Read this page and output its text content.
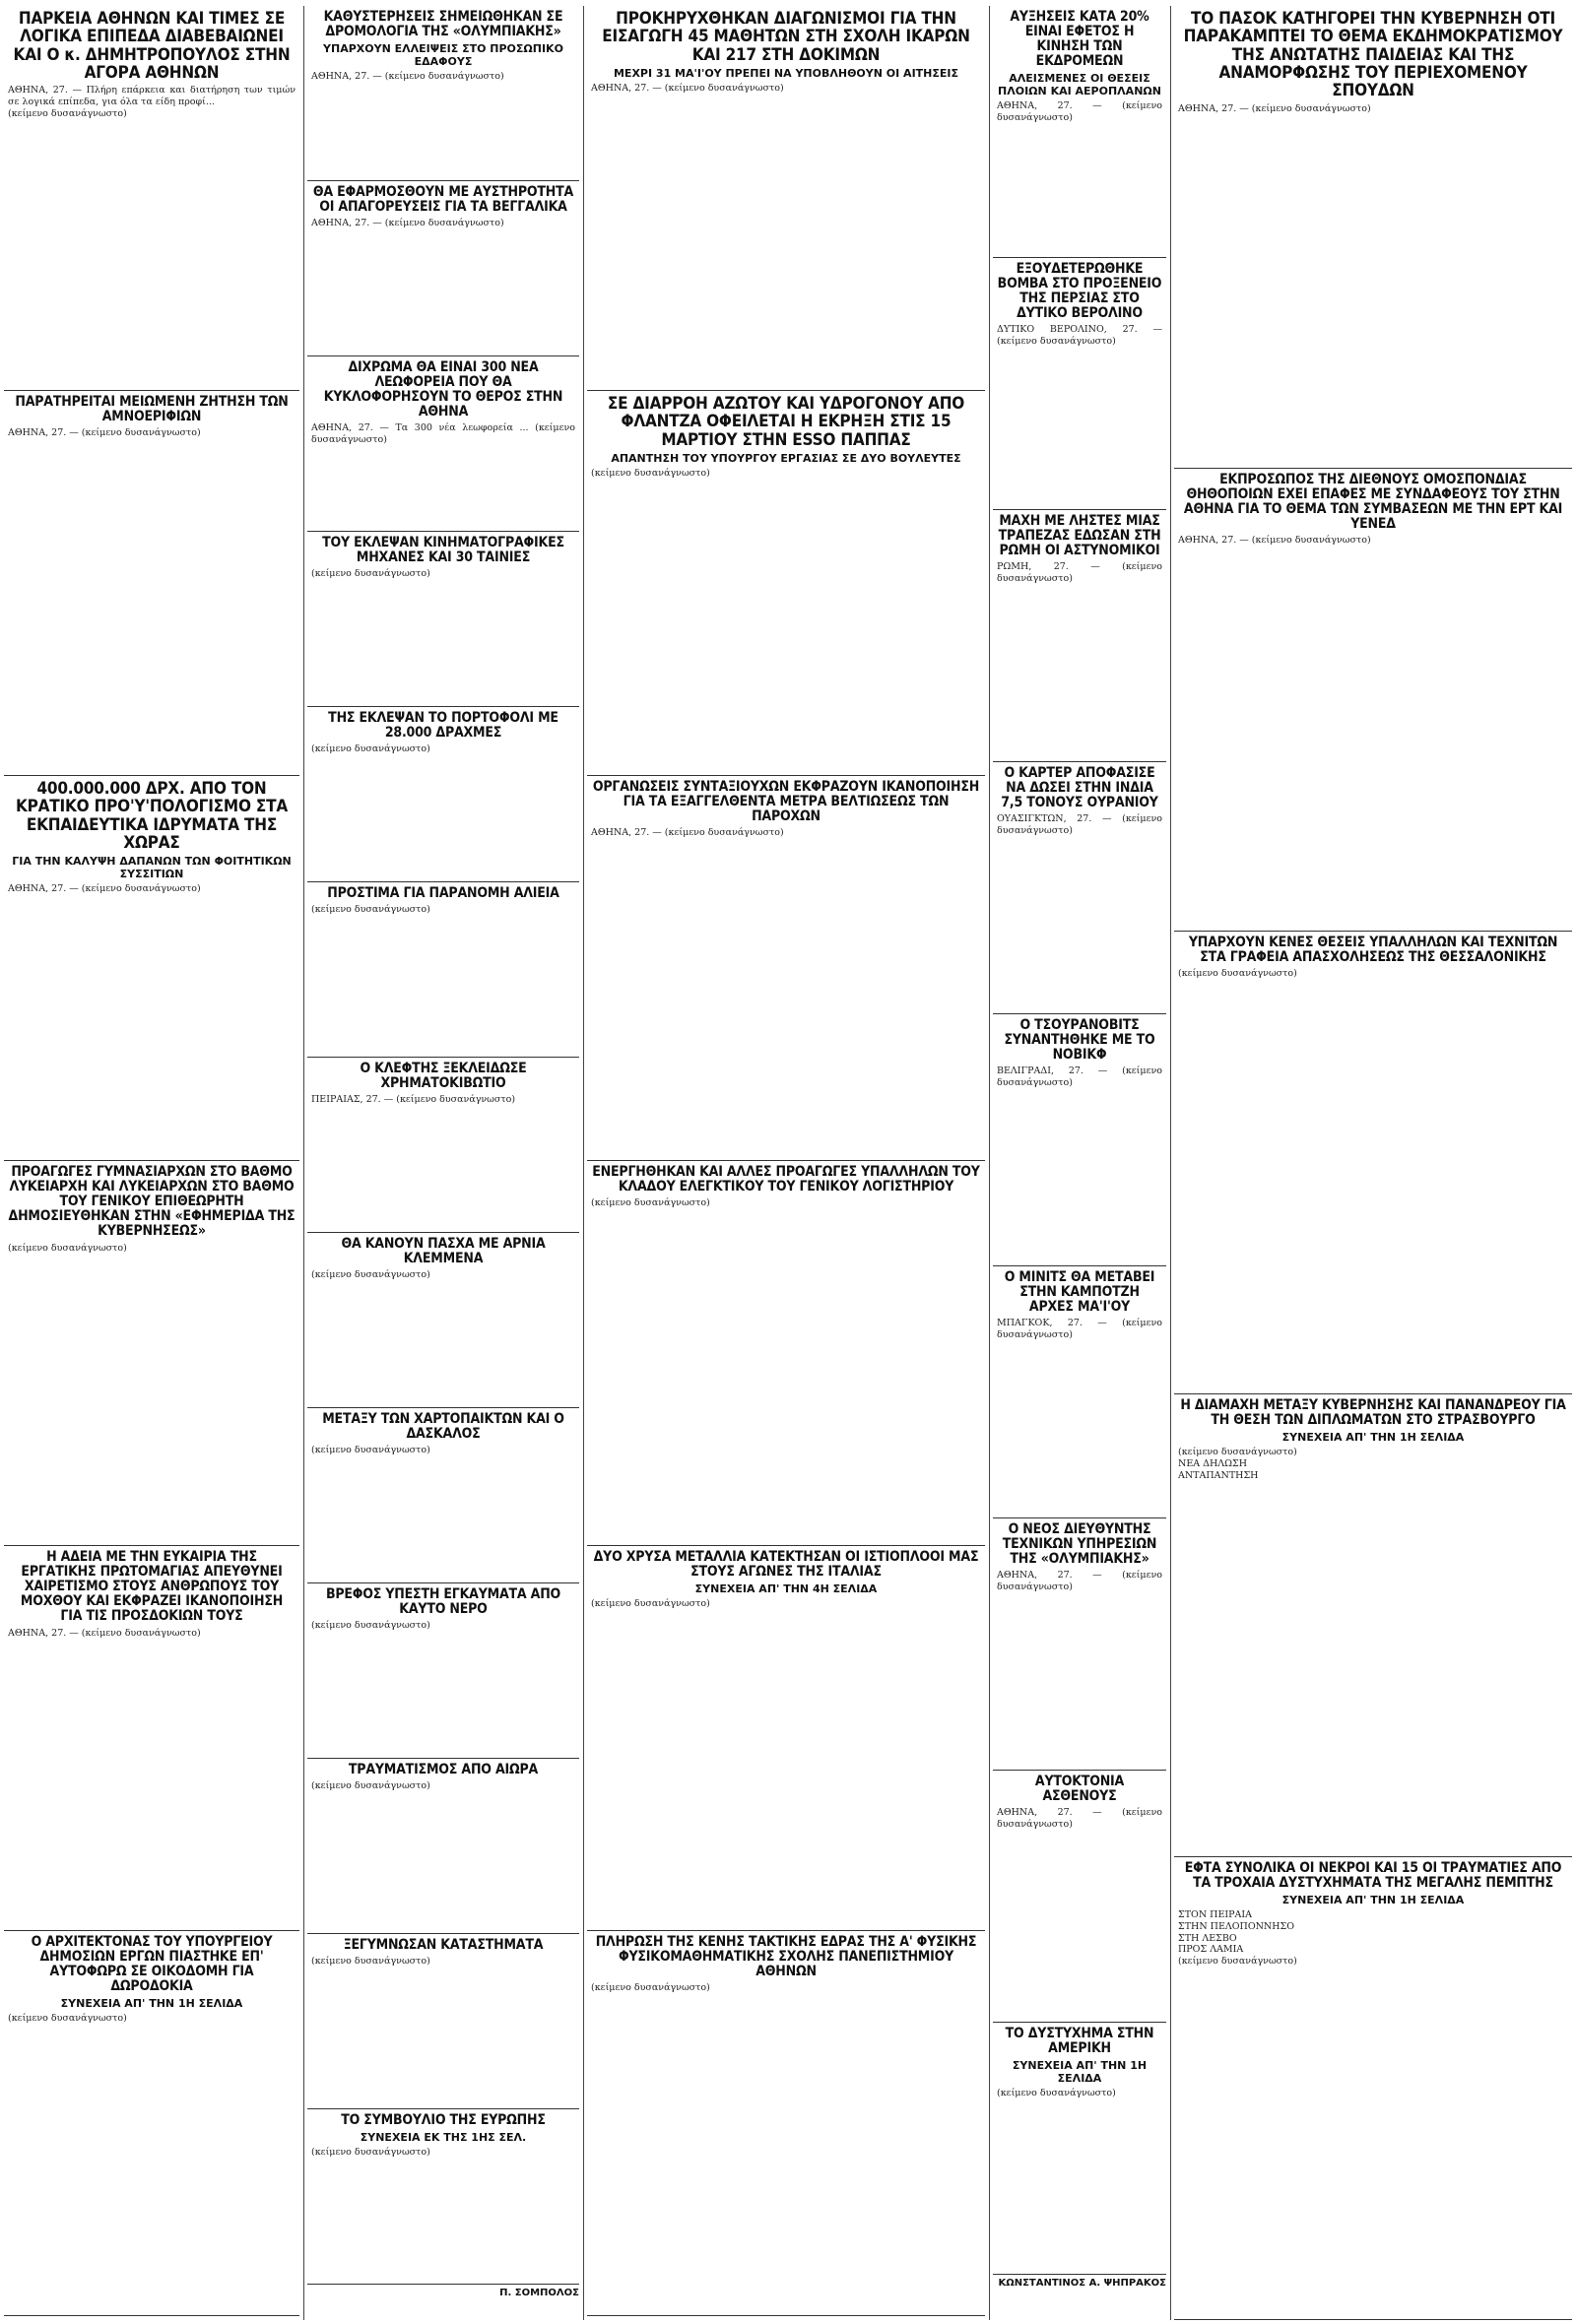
ΠΑΡΚΕΙΑ ΑΘΗΝΩΝ ΚΑΙ ΤΙΜΕΣ ΣΕ ΛΟΓΙΚΑ ΕΠΙΠΕΔΑ ΔΙΑΒΕΒΑΙΩΝΕΙ ΚΑΙ Ο κ. ΔΗΜΗΤΡΟΠΟΥΛΟΣ ΣΤΗΝ ΑΓΟΡΑ ΑΘΗΝΩΝ
ΑΘΗΝΑ, 27. — Πλήρη επάρκεια και διατήρηση των τιμών σε λογικά επίπεδα, για όλα τα είδη προφί...
(κείμενο δυσανάγνωστο)
ΠΑΡΑΤΗΡΕΙΤΑΙ ΜΕΙΩΜΕΝΗ ΖΗΤΗΣΗ ΤΩΝ ΑΜΝΟΕΡΙΦΙΩΝ
ΑΘΗΝΑ, 27. — (κείμενο δυσανάγνωστο)
400.000.000 ΔΡΧ. ΑΠΟ ΤΟΝ ΚΡΑΤΙΚΟ ΠΡΟ'Υ'ΠΟΛΟΓΙΣΜΟ ΣΤΑ ΕΚΠΑΙΔΕΥΤΙΚΑ ΙΔΡΥΜΑΤΑ ΤΗΣ ΧΩΡΑΣ
ΓΙΑ ΤΗΝ ΚΑΛΥΨΗ ΔΑΠΑΝΩΝ ΤΩΝ ΦΟΙΤΗΤΙΚΩΝ ΣΥΣΣΙΤΙΩΝ
ΑΘΗΝΑ, 27. — (κείμενο δυσανάγνωστο)
ΠΡΟΑΓΩΓΕΣ ΓΥΜΝΑΣΙΑΡΧΩΝ ΣΤΟ ΒΑΘΜΟ ΛΥΚΕΙΑΡΧΗ ΚΑΙ ΛΥΚΕΙΑΡΧΩΝ ΣΤΟ ΒΑΘΜΟ ΤΟΥ ΓΕΝΙΚΟΥ ΕΠΙΘΕΩΡΗΤΗ ΔΗΜΟΣΙΕΥΘΗΚΑΝ ΣΤΗΝ «ΕΦΗΜΕΡΙΔΑ ΤΗΣ ΚΥΒΕΡΝΗΣΕΩΣ»
(κείμενο δυσανάγνωστο)
Η ΑΔΕΙΑ ΜΕ ΤΗΝ ΕΥΚΑΙΡΙΑ ΤΗΣ ΕΡΓΑΤΙΚΗΣ ΠΡΩΤΟΜΑΓΙΑΣ ΑΠΕΥΘΥΝΕΙ ΧΑΙΡΕΤΙΣΜΟ ΣΤΟΥΣ ΑΝΘΡΩΠΟΥΣ ΤΟΥ ΜΟΧΘΟΥ ΚΑΙ ΕΚΦΡΑΖΕΙ ΙΚΑΝΟΠΟΙΗΣΗ ΓΙΑ ΤΙΣ ΠΡΟΣΔΟΚΙΩΝ ΤΟΥΣ
ΑΘΗΝΑ, 27. — (κείμενο δυσανάγνωστο)
Ο ΑΡΧΙΤΕΚΤΟΝΑΣ ΤΟΥ ΥΠΟΥΡΓΕΙΟΥ ΔΗΜΟΣΙΩΝ ΕΡΓΩΝ ΠΙΑΣΤΗΚΕ ΕΠ' ΑΥΤΟΦΩΡΩ ΣΕ ΟΙΚΟΔΟΜΗ ΓΙΑ ΔΩΡΟΔΟΚΙΑ
ΣΥΝΕΧΕΙΑ ΑΠ' ΤΗΝ 1Η ΣΕΛΙΔΑ
(κείμενο δυσανάγνωστο)
ΚΑΘΥΣΤΕΡΗΣΕΙΣ ΣΗΜΕΙΩΘΗΚΑΝ ΣΕ ΔΡΟΜΟΛΟΓΙΑ ΤΗΣ «ΟΛΥΜΠΙΑΚΗΣ»
ΥΠΑΡΧΟΥΝ ΕΛΛΕΙΨΕΙΣ ΣΤΟ ΠΡΟΣΩΠΙΚΟ ΕΔΑΦΟΥΣ
ΑΘΗΝΑ, 27. — (κείμενο δυσανάγνωστο)
ΘΑ ΕΦΑΡΜΟΣΘΟΥΝ ΜΕ ΑΥΣΤΗΡΟΤΗΤΑ ΟΙ ΑΠΑΓΟΡΕΥΣΕΙΣ ΓΙΑ ΤΑ ΒΕΓΓΑΛΙΚΑ
ΑΘΗΝΑ, 27. — (κείμενο δυσανάγνωστο)
ΔΙΧΡΩΜΑ ΘΑ ΕΙΝΑΙ 300 ΝΕΑ ΛΕΩΦΟΡΕΙΑ ΠΟΥ ΘΑ ΚΥΚΛΟΦΟΡΗΣΟΥΝ ΤΟ ΘΕΡΟΣ ΣΤΗΝ ΑΘΗΝΑ
ΑΘΗΝΑ, 27. — Τα 300 νέα λεωφορεία ... (κείμενο δυσανάγνωστο)
ΤΟΥ ΕΚΛΕΨΑΝ ΚΙΝΗΜΑΤΟΓΡΑΦΙΚΕΣ ΜΗΧΑΝΕΣ ΚΑΙ 30 ΤΑΙΝΙΕΣ
(κείμενο δυσανάγνωστο)
ΤΗΣ ΕΚΛΕΨΑΝ ΤΟ ΠΟΡΤΟΦΟΛΙ ΜΕ 28.000 ΔΡΑΧΜΕΣ
(κείμενο δυσανάγνωστο)
ΠΡΟΣΤΙΜΑ ΓΙΑ ΠΑΡΑΝΟΜΗ ΑΛΙΕΙΑ
(κείμενο δυσανάγνωστο)
Ο ΚΛΕΦΤΗΣ ΞΕΚΛΕΙΔΩΣΕ ΧΡΗΜΑΤΟΚΙΒΩΤΙΟ
ΠΕΙΡΑΙΑΣ, 27. — (κείμενο δυσανάγνωστο)
ΘΑ ΚΑΝΟΥΝ ΠΑΣΧΑ ΜΕ ΑΡΝΙΑ ΚΛΕΜΜΕΝΑ
(κείμενο δυσανάγνωστο)
ΜΕΤΑΞΥ ΤΩΝ ΧΑΡΤΟΠΑΙΚΤΩΝ ΚΑΙ Ο ΔΑΣΚΑΛΟΣ
(κείμενο δυσανάγνωστο)
ΒΡΕΦΟΣ ΥΠΕΣΤΗ ΕΓΚΑΥΜΑΤΑ ΑΠΟ ΚΑΥΤΟ ΝΕΡΟ
(κείμενο δυσανάγνωστο)
ΤΡΑΥΜΑΤΙΣΜΟΣ ΑΠΟ ΑΙΩΡΑ
(κείμενο δυσανάγνωστο)
ΞΕΓΥΜΝΩΣΑΝ ΚΑΤΑΣΤΗΜΑΤΑ
(κείμενο δυσανάγνωστο)
ΤΟ ΣΥΜΒΟΥΛΙΟ ΤΗΣ ΕΥΡΩΠΗΣ
ΣΥΝΕΧΕΙΑ ΕΚ ΤΗΣ 1ΗΣ ΣΕΛ.
(κείμενο δυσανάγνωστο)
Π. ΣΟΜΠΟΛΟΣ
ΠΡΟΚΗΡΥΧΘΗΚΑΝ ΔΙΑΓΩΝΙΣΜΟΙ ΓΙΑ ΤΗΝ ΕΙΣΑΓΩΓΗ 45 ΜΑΘΗΤΩΝ ΣΤΗ ΣΧΟΛΗ ΙΚΑΡΩΝ ΚΑΙ 217 ΣΤΗ ΔΟΚΙΜΩΝ
ΜΕΧΡΙ 31 ΜΑ'Ι'ΟΥ ΠΡΕΠΕΙ ΝΑ ΥΠΟΒΛΗΘΟΥΝ ΟΙ ΑΙΤΗΣΕΙΣ
ΑΘΗΝΑ, 27. — (κείμενο δυσανάγνωστο)
ΣΕ ΔΙΑΡΡΟΗ ΑΖΩΤΟΥ ΚΑΙ ΥΔΡΟΓΟΝΟΥ ΑΠΟ ΦΛΑΝΤΖΑ ΟΦΕΙΛΕΤΑΙ Η ΕΚΡΗΞΗ ΣΤΙΣ 15 ΜΑΡΤΙΟΥ ΣΤΗΝ ESSO ΠΑΠΠΑΣ
ΑΠΑΝΤΗΣΗ ΤΟΥ ΥΠΟΥΡΓΟΥ ΕΡΓΑΣΙΑΣ ΣΕ ΔΥΟ ΒΟΥΛΕΥΤΕΣ
(κείμενο δυσανάγνωστο)
ΟΡΓΑΝΩΣΕΙΣ ΣΥΝΤΑΞΙΟΥΧΩΝ ΕΚΦΡΑΖΟΥΝ ΙΚΑΝΟΠΟΙΗΣΗ ΓΙΑ ΤΑ ΕΞΑΓΓΕΛΘΕΝΤΑ ΜΕΤΡΑ ΒΕΛΤΙΩΣΕΩΣ ΤΩΝ ΠΑΡΟΧΩΝ
ΑΘΗΝΑ, 27. — (κείμενο δυσανάγνωστο)
ΕΝΕΡΓΗΘΗΚΑΝ ΚΑΙ ΑΛΛΕΣ ΠΡΟΑΓΩΓΕΣ ΥΠΑΛΛΗΛΩΝ ΤΟΥ ΚΛΑΔΟΥ ΕΛΕΓΚΤΙΚΟΥ ΤΟΥ ΓΕΝΙΚΟΥ ΛΟΓΙΣΤΗΡΙΟΥ
(κείμενο δυσανάγνωστο)
ΔΥΟ ΧΡΥΣΑ ΜΕΤΑΛΛΙΑ ΚΑΤΕΚΤΗΣΑΝ ΟΙ ΙΣΤΙΟΠΛΟΟΙ ΜΑΣ ΣΤΟΥΣ ΑΓΩΝΕΣ ΤΗΣ ΙΤΑΛΙΑΣ
ΣΥΝΕΧΕΙΑ ΑΠ' ΤΗΝ 4Η ΣΕΛΙΔΑ
(κείμενο δυσανάγνωστο)
ΠΛΗΡΩΣΗ ΤΗΣ ΚΕΝΗΣ ΤΑΚΤΙΚΗΣ ΕΔΡΑΣ ΤΗΣ Α' ΦΥΣΙΚΗΣ ΦΥΣΙΚΟΜΑΘΗΜΑΤΙΚΗΣ ΣΧΟΛΗΣ ΠΑΝΕΠΙΣΤΗΜΙΟΥ ΑΘΗΝΩΝ
(κείμενο δυσανάγνωστο)
ΑΥΞΗΣΕΙΣ ΚΑΤΑ 20% ΕΙΝΑΙ ΕΦΕΤΟΣ Η ΚΙΝΗΣΗ ΤΩΝ ΕΚΔΡΟΜΕΩΝ
ΑΛΕΙΣΜΕΝΕΣ ΟΙ ΘΕΣΕΙΣ ΠΛΟΙΩΝ ΚΑΙ ΑΕΡΟΠΛΑΝΩΝ
ΑΘΗΝΑ, 27. — (κείμενο δυσανάγνωστο)
ΕΞΟΥΔΕΤΕΡΩΘΗΚΕ ΒΟΜΒΑ ΣΤΟ ΠΡΟΞΕΝΕΙΟ ΤΗΣ ΠΕΡΣΙΑΣ ΣΤΟ ΔΥΤΙΚΟ ΒΕΡΟΛΙΝΟ
ΔΥΤΙΚΟ ΒΕΡΟΛΙΝΟ, 27. — (κείμενο δυσανάγνωστο)
ΜΑΧΗ ΜΕ ΛΗΣΤΕΣ ΜΙΑΣ ΤΡΑΠΕΖΑΣ ΕΔΩΣΑΝ ΣΤΗ ΡΩΜΗ ΟΙ ΑΣΤΥΝΟΜΙΚΟΙ
ΡΩΜΗ, 27. — (κείμενο δυσανάγνωστο)
Ο ΚΑΡΤΕΡ ΑΠΟΦΑΣΙΣΕ ΝΑ ΔΩΣΕΙ ΣΤΗΝ ΙΝΔΙΑ 7,5 ΤΟΝΟΥΣ ΟΥΡΑΝΙΟΥ
ΟΥΑΣΙΓΚΤΩΝ, 27. — (κείμενο δυσανάγνωστο)
Ο ΤΣΟΥΡΑΝΟΒΙΤΣ ΣΥΝΑΝΤΗΘΗΚΕ ΜΕ ΤΟ ΝΟΒΙΚΦ
ΒΕΛΙΓΡΑΔΙ, 27. — (κείμενο δυσανάγνωστο)
Ο ΜΙΝΙΤΣ ΘΑ ΜΕΤΑΒΕΙ ΣΤΗΝ ΚΑΜΠΟΤΖΗ ΑΡΧΕΣ ΜΑ'Ι'ΟΥ
ΜΠΑΓΚΟΚ, 27. — (κείμενο δυσανάγνωστο)
Ο ΝΕΟΣ ΔΙΕΥΘΥΝΤΗΣ ΤΕΧΝΙΚΩΝ ΥΠΗΡΕΣΙΩΝ ΤΗΣ «ΟΛΥΜΠΙΑΚΗΣ»
ΑΘΗΝΑ, 27. — (κείμενο δυσανάγνωστο)
ΑΥΤΟΚΤΟΝΙΑ ΑΣΘΕΝΟΥΣ
ΑΘΗΝΑ, 27. — (κείμενο δυσανάγνωστο)
ΤΟ ΔΥΣΤΥΧΗΜΑ ΣΤΗΝ ΑΜΕΡΙΚΗ
ΣΥΝΕΧΕΙΑ ΑΠ' ΤΗΝ 1Η ΣΕΛΙΔΑ
(κείμενο δυσανάγνωστο)
ΚΩΝΣΤΑΝΤΙΝΟΣ Α. ΨΗΠΡΑΚΟΣ
ΤΟ ΠΑΣΟΚ ΚΑΤΗΓΟΡΕΙ ΤΗΝ ΚΥΒΕΡΝΗΣΗ ΟΤΙ ΠΑΡΑΚΑΜΠΤΕΙ ΤΟ ΘΕΜΑ ΕΚΔΗΜΟΚΡΑΤΙΣΜΟΥ ΤΗΣ ΑΝΩΤΑΤΗΣ ΠΑΙΔΕΙΑΣ ΚΑΙ ΤΗΣ ΑΝΑΜΟΡΦΩΣΗΣ ΤΟΥ ΠΕΡΙΕΧΟΜΕΝΟΥ ΣΠΟΥΔΩΝ
ΑΘΗΝΑ, 27. — (κείμενο δυσανάγνωστο)
ΕΚΠΡΟΣΩΠΟΣ ΤΗΣ ΔΙΕΘΝΟΥΣ ΟΜΟΣΠΟΝΔΙΑΣ ΘΗΘΟΠΟΙΩΝ ΕΧΕΙ ΕΠΑΦΕΣ ΜΕ ΣΥΝΔΑΦΕΟΥΣ ΤΟΥ ΣΤΗΝ ΑΘΗΝΑ ΓΙΑ ΤΟ ΘΕΜΑ ΤΩΝ ΣΥΜΒΑΣΕΩΝ ΜΕ ΤΗΝ ΕΡΤ ΚΑΙ ΥΕΝΕΔ
ΑΘΗΝΑ, 27. — (κείμενο δυσανάγνωστο)
ΥΠΑΡΧΟΥΝ ΚΕΝΕΣ ΘΕΣΕΙΣ ΥΠΑΛΛΗΛΩΝ ΚΑΙ ΤΕΧΝΙΤΩΝ ΣΤΑ ΓΡΑΦΕΙΑ ΑΠΑΣΧΟΛΗΣΕΩΣ ΤΗΣ ΘΕΣΣΑΛΟΝΙΚΗΣ
(κείμενο δυσανάγνωστο)
Η ΔΙΑΜΑΧΗ ΜΕΤΑΞΥ ΚΥΒΕΡΝΗΣΗΣ ΚΑΙ ΠΑΝΑΝΔΡΕΟΥ ΓΙΑ ΤΗ ΘΕΣΗ ΤΩΝ ΔΙΠΛΩΜΑΤΩΝ ΣΤΟ ΣΤΡΑΣΒΟΥΡΓΟ
ΣΥΝΕΧΕΙΑ ΑΠ' ΤΗΝ 1Η ΣΕΛΙΔΑ
(κείμενο δυσανάγνωστο)
ΝΕΑ ΔΗΛΩΣΗ
ΑΝΤΑΠΑΝΤΗΣΗ
ΕΦΤΑ ΣΥΝΟΛΙΚΑ ΟΙ ΝΕΚΡΟΙ ΚΑΙ 15 ΟΙ ΤΡΑΥΜΑΤΙΕΣ ΑΠΟ ΤΑ ΤΡΟΧΑΙΑ ΔΥΣΤΥΧΗΜΑΤΑ ΤΗΣ ΜΕΓΑΛΗΣ ΠΕΜΠΤΗΣ
ΣΥΝΕΧΕΙΑ ΑΠ' ΤΗΝ 1Η ΣΕΛΙΔΑ
ΣΤΟΝ ΠΕΙΡΑΙΑ
ΣΤΗΝ ΠΕΛΟΠΟΝΝΗΣΟ
ΣΤΗ ΛΕΣΒΟ
ΠΡΟΣ ΛΑΜΙΑ
(κείμενο δυσανάγνωστο)
